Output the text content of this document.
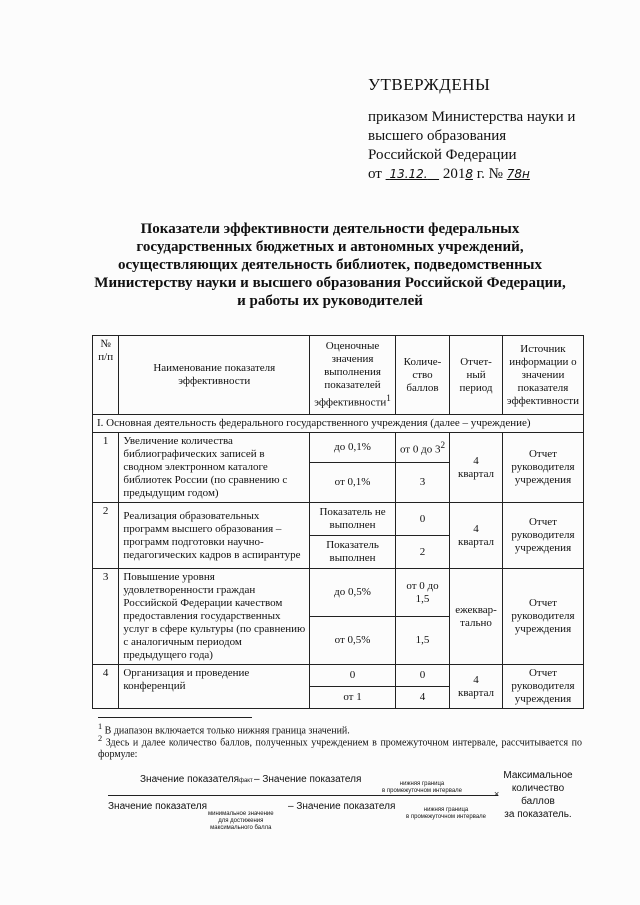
УТВЕРЖДЕНЫ
приказом Министерства науки и
высшего образования
Российской Федерации
от 13.12. 2018 г. № 78н
Показатели эффективности деятельности федеральных
государственных бюджетных и автономных учреждений,
осуществляющих деятельность библиотек, подведомственных
Министерству науки и высшего образования Российской Федерации,
и работы их руководителей
№ п/п	Наименование показателя эффективности	Оценочные значения выполнения показателей эффективности$^1$	Количе-ство баллов	Отчет-ный период	Источник информации о значении показателя эффективности
I. Основная деятельность федерального государственного учреждения (далее – учреждение)					
1	Увеличение количества библиографических записей в сводном электронном каталоге библиотек России (по сравнению с предыдущим годом)	до 0,1%	от 0 до $3^2$	4 квартал	Отчет руководителя учреждения
		от 0,1%	3		
2	Реализация образовательных программ высшего образования – программ подготовки научно-педагогических кадров в аспирантуре	Показатель не выполнен	0	4 квартал	Отчет руководителя учреждения
		Показатель выполнен	2		
3	Повышение уровня удовлетворенности граждан Российской Федерации качеством предоставления государственных услуг в сфере культуры (по сравнению с аналогичным периодом предыдущего года)	до 0,5%	от 0 до 1,5	ежеквар-тально	Отчет руководителя учреждения
		от 0,5%	1,5		
4	Организация и проведение конференций	0	0	4 квартал	Отчет руководителя учреждения
		от 1	4		
$^1$ В диапазон включается только нижняя граница значений.
$^2$ Здесь и далее количество баллов, полученных учреждением в промежуточном интервале, рассчитывается по формуле:
Значение показателяфакт – Значение показателя	нижняя граница
в промежуточном интервале	×
Значение показателя
минимальное значение
для достижения
максимального балла
– Значение показателя	нижняя граница
в промежуточном интервале
Максимальное
количество
баллов
за показатель.
